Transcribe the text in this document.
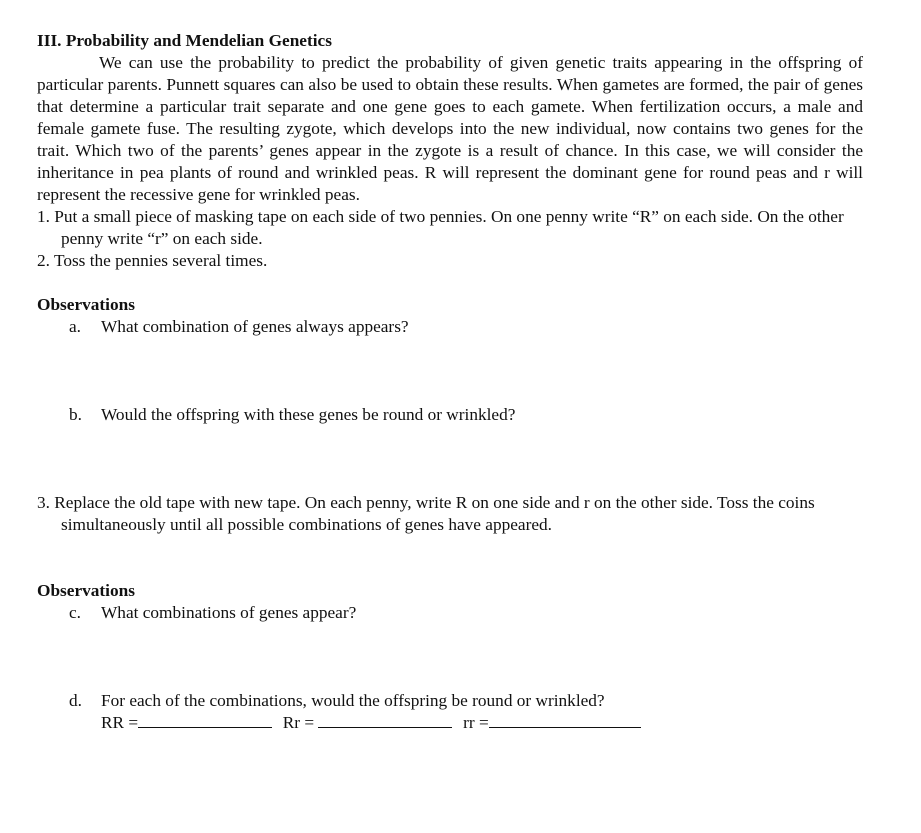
III. Probability and Mendelian Genetics

We can use the probability to predict the probability of given genetic traits appearing in the offspring of particular parents. Punnett squares can also be used to obtain these results. When gametes are formed, the pair of genes that determine a particular trait separate and one gene goes to each gamete. When fertilization occurs, a male and female gamete fuse. The resulting zygote, which develops into the new individual, now contains two genes for the trait. Which two of the parents’ genes appear in the zygote is a result of chance. In this case, we will consider the inheritance in pea plants of round and wrinkled peas. R will represent the dominant gene for round peas and r will represent the recessive gene for wrinkled peas.

1. Put a small piece of masking tape on each side of two pennies. On one penny write “R” on each side. On the other penny write “r” on each side.

2. Toss the pennies several times.

Observations

a. What combination of genes always appears?

b. Would the offspring with these genes be round or wrinkled?

3. Replace the old tape with new tape. On each penny, write R on one side and r on the other side. Toss the coins simultaneously until all possible combinations of genes have appeared.

Observations

c. What combinations of genes appear?

d. For each of the combinations, would the offspring be round or wrinkled?

RR =	Rr =	rr =
